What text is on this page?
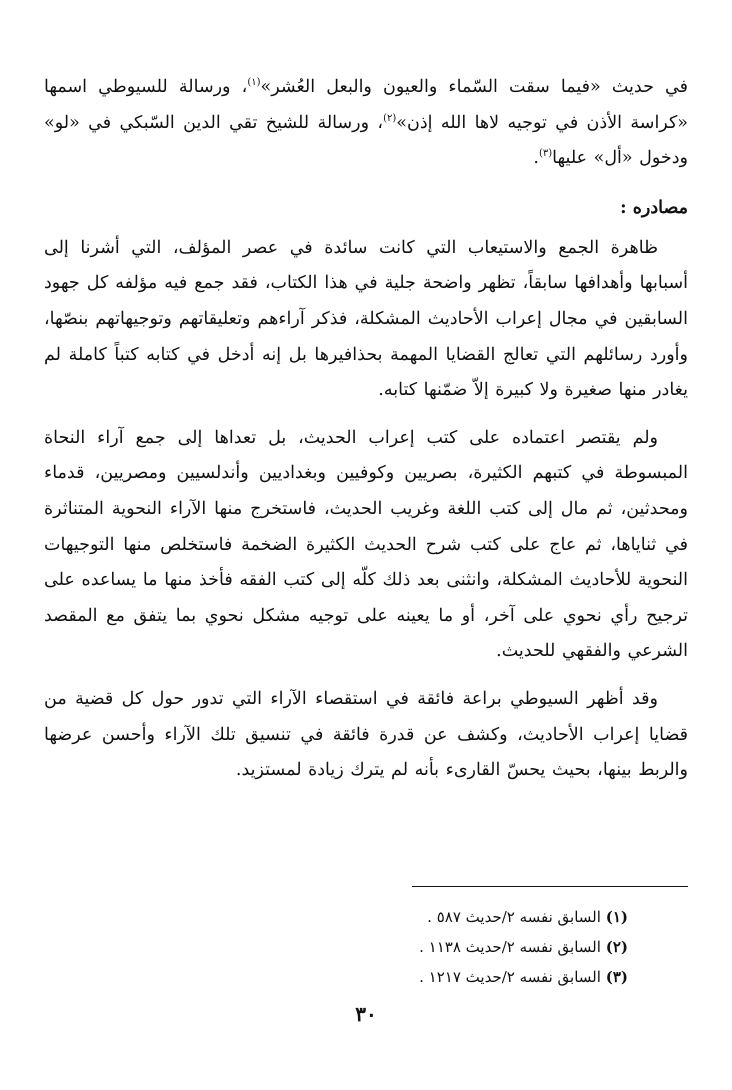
في حديث «فيما سقت السّماء والعيون والبعل العُشر»$^{(١)}$، ورسالة للسيوطي اسمها «كراسة الأذن في توجيه لاها الله إذن»$^{(٢)}$، ورسالة للشيخ تقي الدين السّبكي في «لو» ودخول «أل» عليها$^{(٣)}$.

مصادره :

ظاهرة الجمع والاستيعاب التي كانت سائدة في عصر المؤلف، التي أشرنا إلى أسبابها وأهدافها سابقاً، تظهر واضحة جلية في هذا الكتاب، فقد جمع فيه مؤلفه كل جهود السابقين في مجال إعراب الأحاديث المشكلة، فذكر آراءهم وتعليقاتهم وتوجيهاتهم بنصّها، وأورد رسائلهم التي تعالج القضايا المهمة بحذافيرها بل إنه أدخل في كتابه كتباً كاملة لم يغادر منها صغيرة ولا كبيرة إلاّ ضمّنها كتابه.

ولم يقتصر اعتماده على كتب إعراب الحديث، بل تعداها إلى جمع آراء النحاة المبسوطة في كتبهم الكثيرة، بصريين وكوفيين وبغداديين وأندلسيين ومصريين، قدماء ومحدثين، ثم مال إلى كتب اللغة وغريب الحديث، فاستخرج منها الآراء النحوية المتناثرة في ثناياها، ثم عاج على كتب شرح الحديث الكثيرة الضخمة فاستخلص منها التوجيهات النحوية للأحاديث المشكلة، وانثنى بعد ذلك كلّه إلى كتب الفقه فأخذ منها ما يساعده على ترجيح رأي نحوي على آخر، أو ما يعينه على توجيه مشكل نحوي بما يتفق مع المقصد الشرعي والفقهي للحديث.

وقد أظهر السيوطي براعة فائقة في استقصاء الآراء التي تدور حول كل قضية من قضايا إعراب الأحاديث، وكشف عن قدرة فائقة في تنسيق تلك الآراء وأحسن عرضها والربط بينها، بحيث يحسّ القارىء بأنه لم يترك زيادة لمستزيد.

(١) السابق نفسه ٢/حديث ٥٨٧ .

(٢) السابق نفسه ٢/حديث ١١٣٨ .

(٣) السابق نفسه ٢/حديث ١٢١٧ .

٣٠
